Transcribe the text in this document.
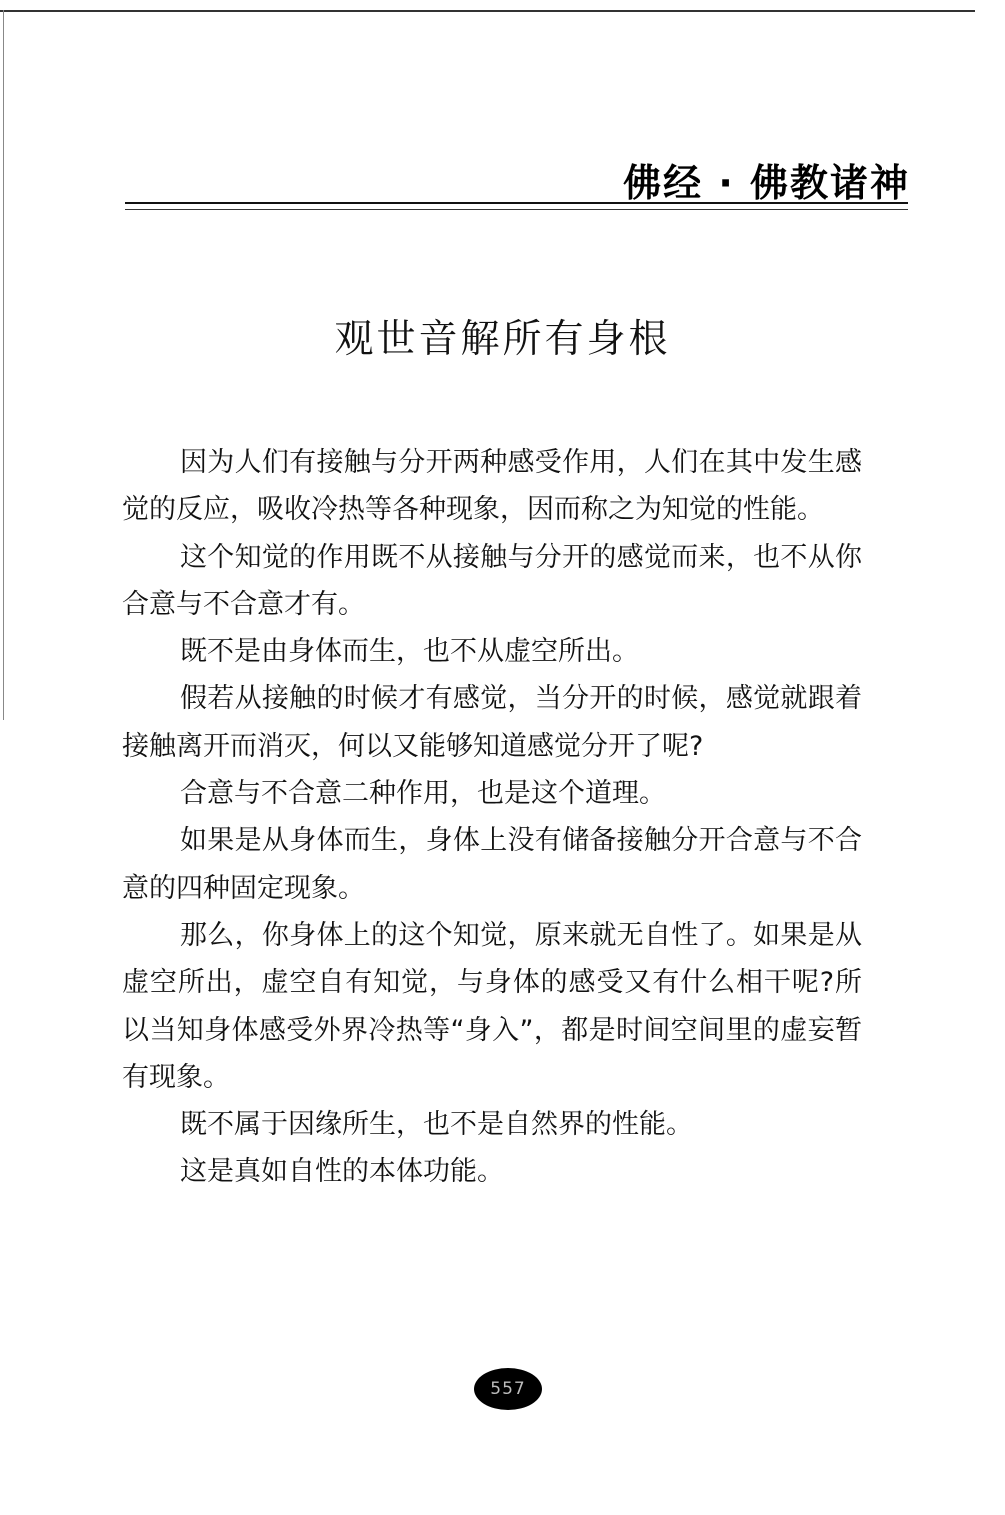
佛经 · 佛教诸神
观世音解所有身根

因为人们有接触与分开两种感受作用，人们在其中发生感觉的反应，吸收冷热等各种现象，因而称之为知觉的性能。

这个知觉的作用既不从接触与分开的感觉而来，也不从你合意与不合意才有。

既不是由身体而生，也不从虚空所出。

假若从接触的时候才有感觉，当分开的时候，感觉就跟着接触离开而消灭，何以又能够知道感觉分开了呢?

合意与不合意二种作用，也是这个道理。

如果是从身体而生，身体上没有储备接触分开合意与不合意的四种固定现象。

那么，你身体上的这个知觉，原来就无自性了。如果是从虚空所出，虚空自有知觉，与身体的感受又有什么相干呢?所以当知身体感受外界冷热等“身入”，都是时间空间里的虚妄暂有现象。

既不属于因缘所生，也不是自然界的性能。

这是真如自性的本体功能。

557
